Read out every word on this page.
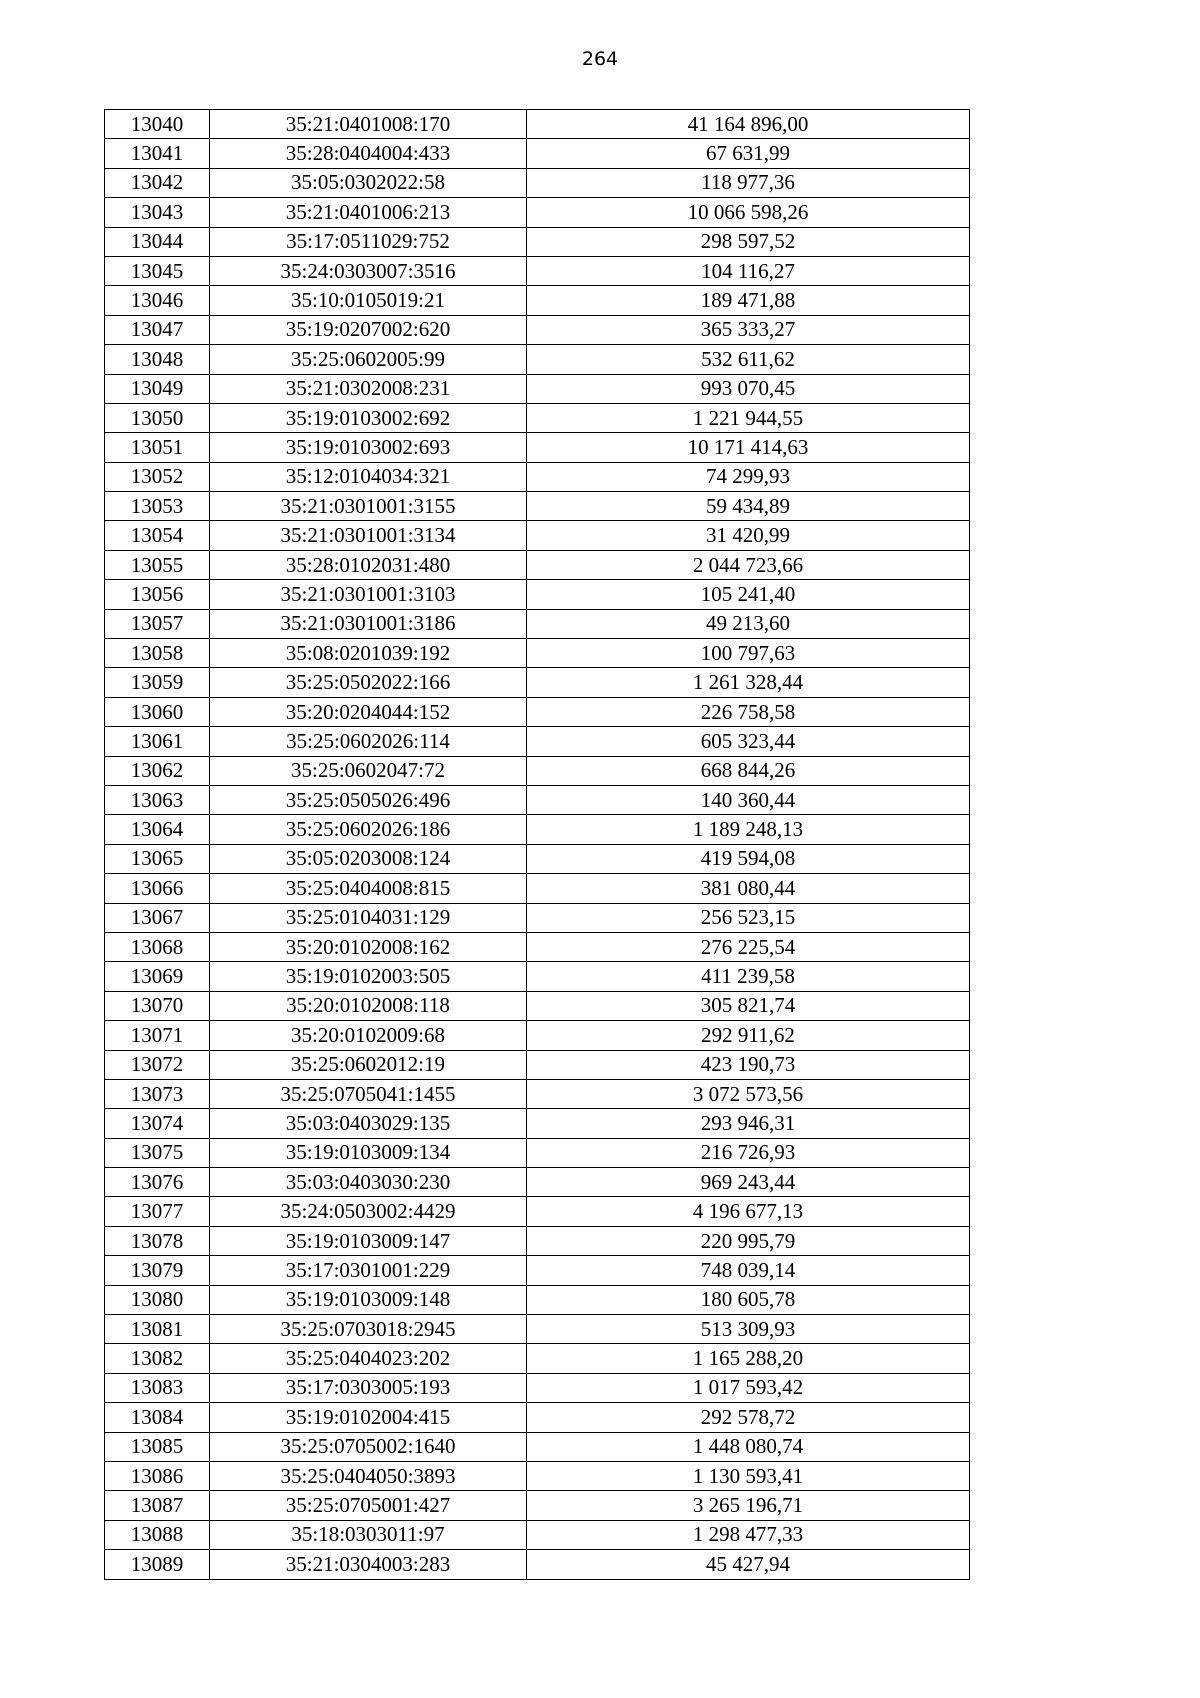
264
13040	35:21:0401008:170	41 164 896,00
13041	35:28:0404004:433	67 631,99
13042	35:05:0302022:58	118 977,36
13043	35:21:0401006:213	10 066 598,26
13044	35:17:0511029:752	298 597,52
13045	35:24:0303007:3516	104 116,27
13046	35:10:0105019:21	189 471,88
13047	35:19:0207002:620	365 333,27
13048	35:25:0602005:99	532 611,62
13049	35:21:0302008:231	993 070,45
13050	35:19:0103002:692	1 221 944,55
13051	35:19:0103002:693	10 171 414,63
13052	35:12:0104034:321	74 299,93
13053	35:21:0301001:3155	59 434,89
13054	35:21:0301001:3134	31 420,99
13055	35:28:0102031:480	2 044 723,66
13056	35:21:0301001:3103	105 241,40
13057	35:21:0301001:3186	49 213,60
13058	35:08:0201039:192	100 797,63
13059	35:25:0502022:166	1 261 328,44
13060	35:20:0204044:152	226 758,58
13061	35:25:0602026:114	605 323,44
13062	35:25:0602047:72	668 844,26
13063	35:25:0505026:496	140 360,44
13064	35:25:0602026:186	1 189 248,13
13065	35:05:0203008:124	419 594,08
13066	35:25:0404008:815	381 080,44
13067	35:25:0104031:129	256 523,15
13068	35:20:0102008:162	276 225,54
13069	35:19:0102003:505	411 239,58
13070	35:20:0102008:118	305 821,74
13071	35:20:0102009:68	292 911,62
13072	35:25:0602012:19	423 190,73
13073	35:25:0705041:1455	3 072 573,56
13074	35:03:0403029:135	293 946,31
13075	35:19:0103009:134	216 726,93
13076	35:03:0403030:230	969 243,44
13077	35:24:0503002:4429	4 196 677,13
13078	35:19:0103009:147	220 995,79
13079	35:17:0301001:229	748 039,14
13080	35:19:0103009:148	180 605,78
13081	35:25:0703018:2945	513 309,93
13082	35:25:0404023:202	1 165 288,20
13083	35:17:0303005:193	1 017 593,42
13084	35:19:0102004:415	292 578,72
13085	35:25:0705002:1640	1 448 080,74
13086	35:25:0404050:3893	1 130 593,41
13087	35:25:0705001:427	3 265 196,71
13088	35:18:0303011:97	1 298 477,33
13089	35:21:0304003:283	45 427,94
